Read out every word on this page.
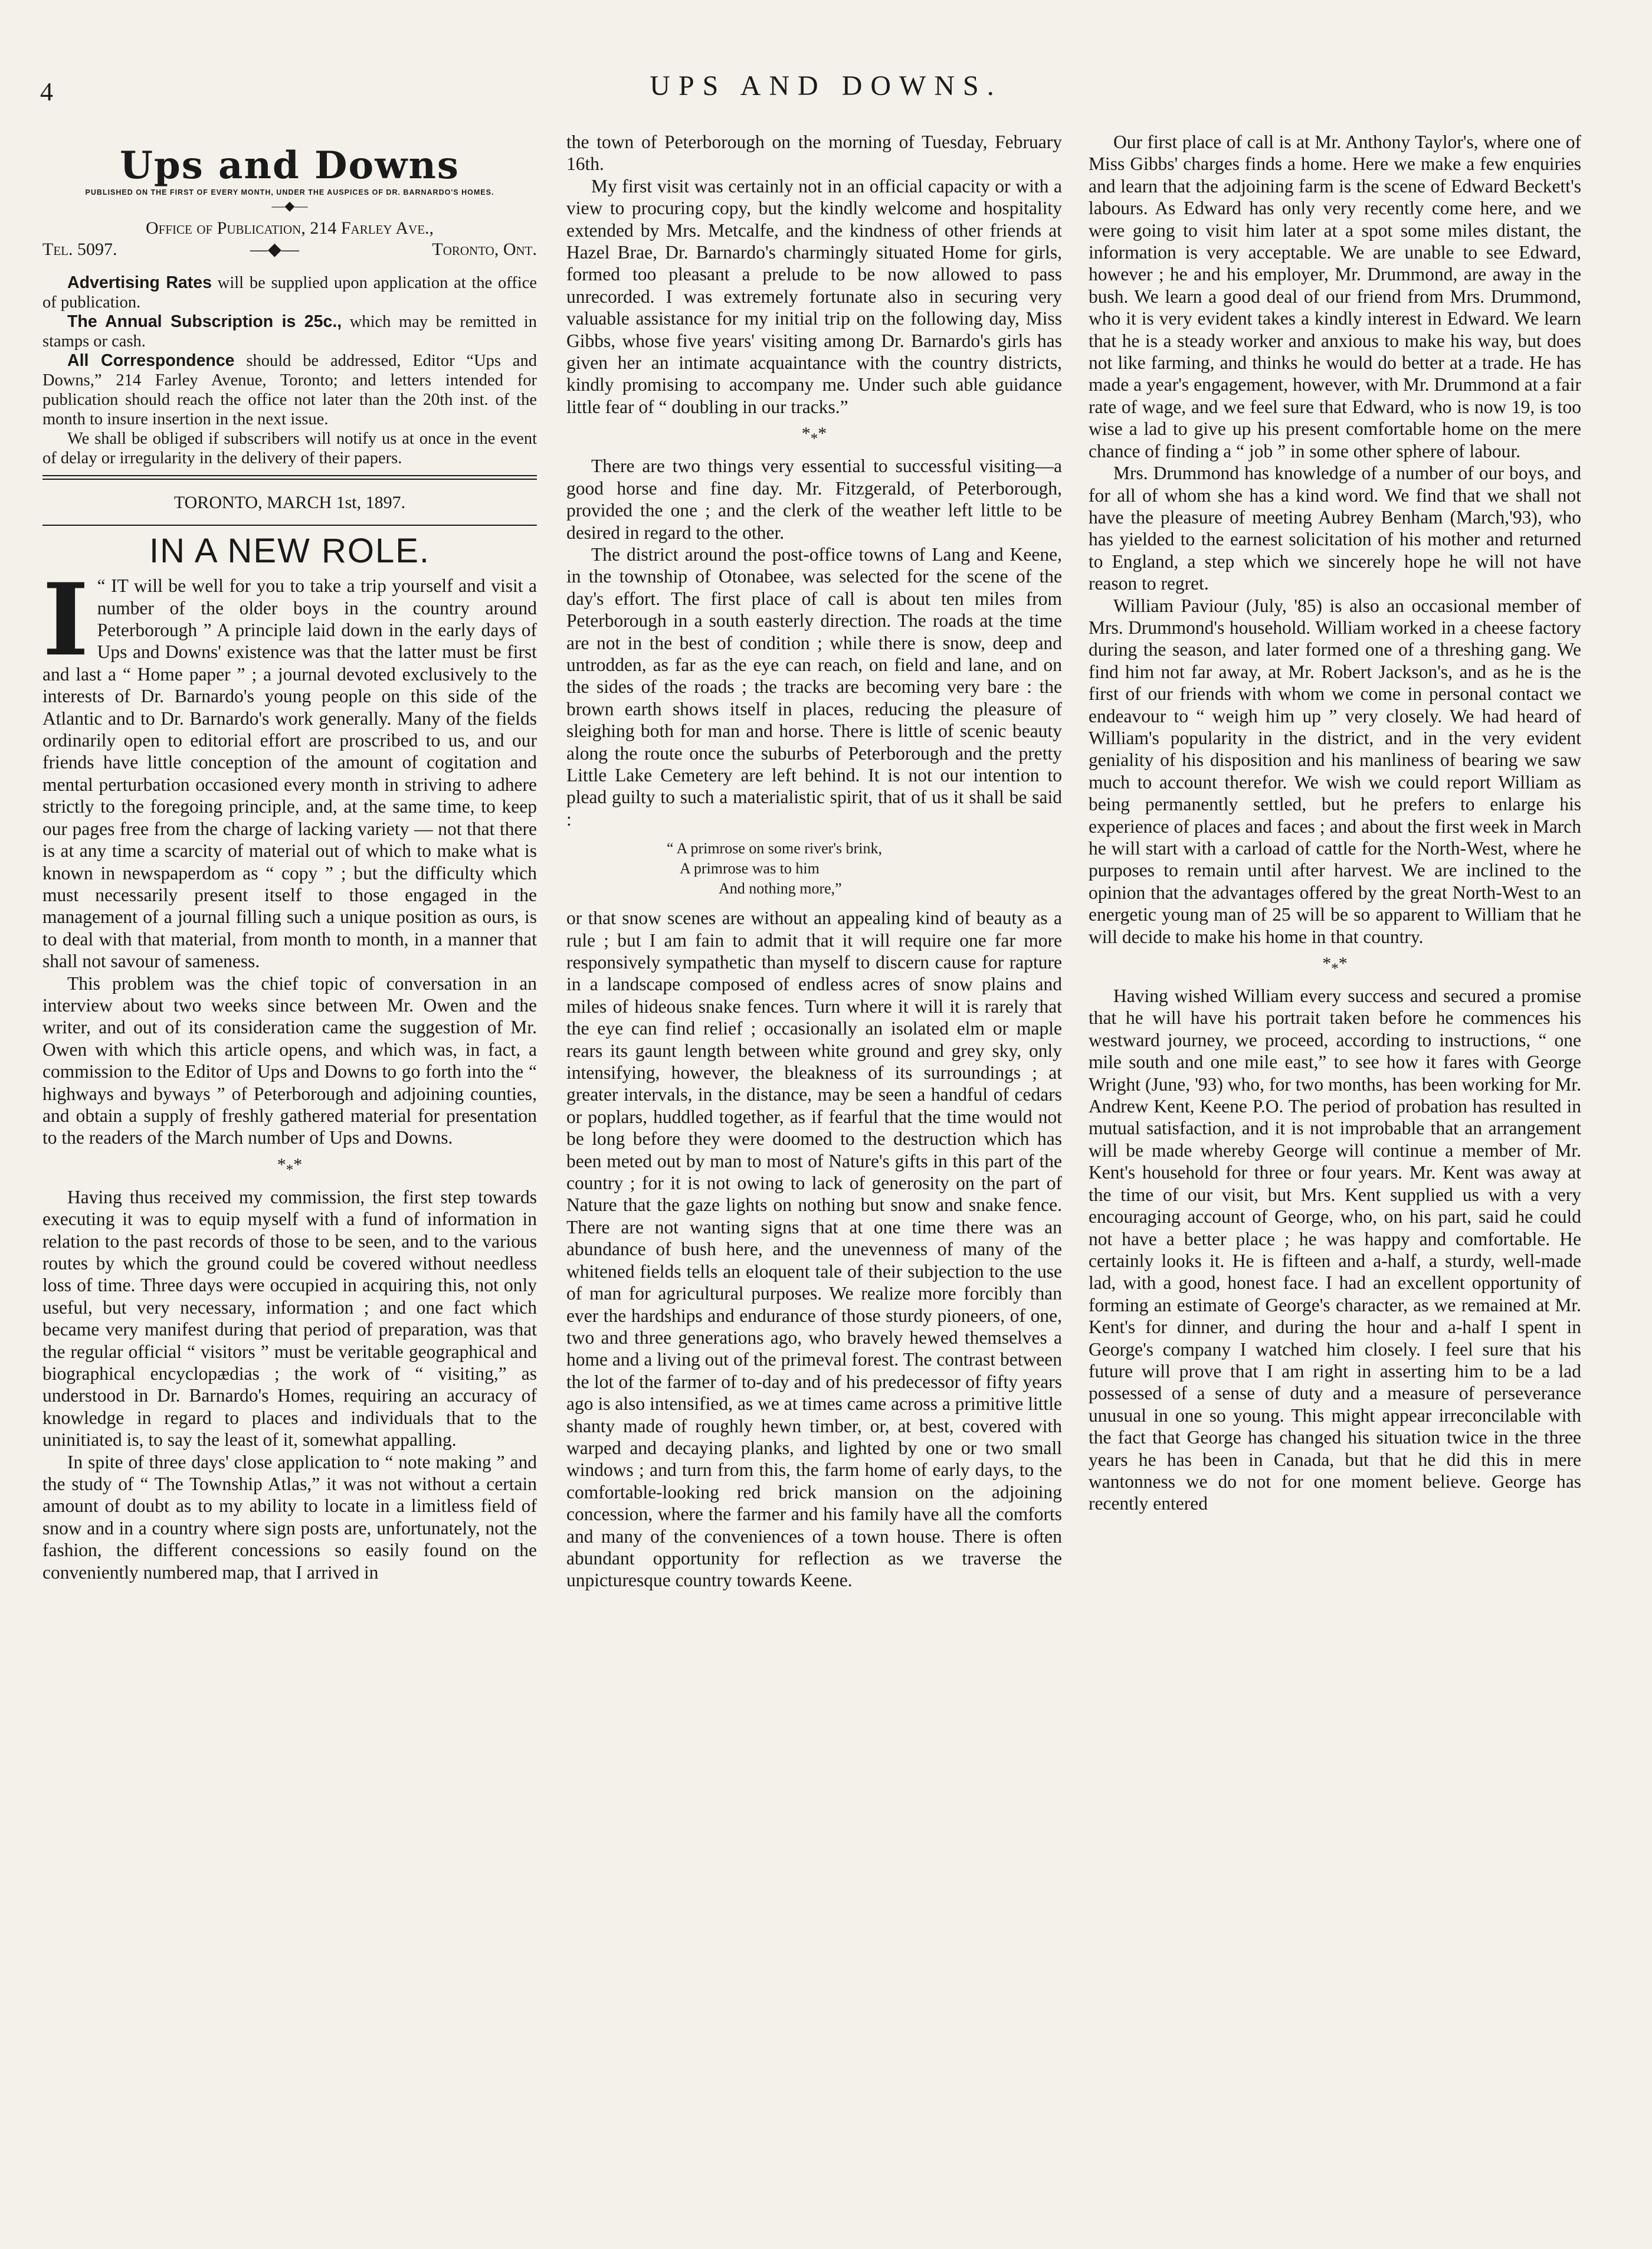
4	UPS AND DOWNS.
Ups and Downs
PUBLISHED ON THE FIRST OF EVERY MONTH, UNDER THE AUSPICES OF DR. BARNARDO'S HOMES.
—◆—
Office of Publication, 214 Farley Ave.,
Tel. 5097.	—◆—	Toronto, Ont.

Advertising Rates will be supplied upon application at the office of publication.

The Annual Subscription is 25c., which may be remitted in stamps or cash.

All Correspondence should be addressed, Editor “Ups and Downs,” 214 Farley Avenue, Toronto; and letters intended for publication should reach the office not later than the 20th inst. of the month to insure insertion in the next issue.

We shall be obliged if subscribers will notify us at once in the event of delay or irregularity in the delivery of their papers.

TORONTO, MARCH 1st, 1897.
IN A NEW ROLE.

I “ IT will be well for you to take a trip yourself and visit a number of the older boys in the country around Peterborough ” A principle laid down in the early days of Ups and Downs' existence was that the latter must be first and last a “ Home paper ” ; a journal devoted exclusively to the interests of Dr. Barnardo's young people on this side of the Atlantic and to Dr. Barnardo's work generally. Many of the fields ordinarily open to editorial effort are proscribed to us, and our friends have little conception of the amount of cogitation and mental perturbation occasioned every month in striving to adhere strictly to the foregoing principle, and, at the same time, to keep our pages free from the charge of lacking variety — not that there is at any time a scarcity of material out of which to make what is known in newspaperdom as “ copy ” ; but the difficulty which must necessarily present itself to those engaged in the management of a journal filling such a unique position as ours, is to deal with that material, from month to month, in a manner that shall not savour of sameness.

This problem was the chief topic of conversation in an interview about two weeks since between Mr. Owen and the writer, and out of its consideration came the suggestion of Mr. Owen with which this article opens, and which was, in fact, a commission to the Editor of Ups and Downs to go forth into the “ highways and byways ” of Peterborough and adjoining counties, and obtain a supply of freshly gathered material for presentation to the readers of the March number of Ups and Downs.

$*_**$

Having thus received my commission, the first step towards executing it was to equip myself with a fund of information in relation to the past records of those to be seen, and to the various routes by which the ground could be covered without needless loss of time. Three days were occupied in acquiring this, not only useful, but very necessary, information ; and one fact which became very manifest during that period of preparation, was that the regular official “ visitors ” must be veritable geographical and biographical encyclopædias ; the work of “ visiting,” as understood in Dr. Barnardo's Homes, requiring an accuracy of knowledge in regard to places and individuals that to the uninitiated is, to say the least of it, somewhat appalling.

In spite of three days' close application to “ note making ” and the study of “ The Township Atlas,” it was not without a certain amount of doubt as to my ability to locate in a limitless field of snow and in a country where sign posts are, unfortunately, not the fashion, the different concessions so easily found on the conveniently numbered map, that I arrived in

the town of Peterborough on the morning of Tuesday, February 16th.

My first visit was certainly not in an official capacity or with a view to procuring copy, but the kindly welcome and hospitality extended by Mrs. Metcalfe, and the kindness of other friends at Hazel Brae, Dr. Barnardo's charmingly situated Home for girls, formed too pleasant a prelude to be now allowed to pass unrecorded. I was extremely fortunate also in securing very valuable assistance for my initial trip on the following day, Miss Gibbs, whose five years' visiting among Dr. Barnardo's girls has given her an intimate acquaintance with the country districts, kindly promising to accompany me. Under such able guidance little fear of “ doubling in our tracks.”

$*_**$

There are two things very essential to successful visiting—a good horse and fine day. Mr. Fitzgerald, of Peterborough, provided the one ; and the clerk of the weather left little to be desired in regard to the other.

The district around the post-office towns of Lang and Keene, in the township of Otonabee, was selected for the scene of the day's effort. The first place of call is about ten miles from Peterborough in a south easterly direction. The roads at the time are not in the best of condition ; while there is snow, deep and untrodden, as far as the eye can reach, on field and lane, and on the sides of the roads ; the tracks are becoming very bare : the brown earth shows itself in places, reducing the pleasure of sleighing both for man and horse. There is little of scenic beauty along the route once the suburbs of Peterborough and the pretty Little Lake Cemetery are left behind. It is not our intention to plead guilty to such a materialistic spirit, that of us it shall be said :

“ A primrose on some river's brink,
A primrose was to him
And nothing more,”

or that snow scenes are without an appealing kind of beauty as a rule ; but I am fain to admit that it will require one far more responsively sympathetic than myself to discern cause for rapture in a landscape composed of endless acres of snow plains and miles of hideous snake fences. Turn where it will it is rarely that the eye can find relief ; occasionally an isolated elm or maple rears its gaunt length between white ground and grey sky, only intensifying, however, the bleakness of its surroundings ; at greater intervals, in the distance, may be seen a handful of cedars or poplars, huddled together, as if fearful that the time would not be long before they were doomed to the destruction which has been meted out by man to most of Nature's gifts in this part of the country ; for it is not owing to lack of generosity on the part of Nature that the gaze lights on nothing but snow and snake fence. There are not wanting signs that at one time there was an abundance of bush here, and the unevenness of many of the whitened fields tells an eloquent tale of their subjection to the use of man for agricultural purposes. We realize more forcibly than ever the hardships and endurance of those sturdy pioneers, of one, two and three generations ago, who bravely hewed themselves a home and a living out of the primeval forest. The contrast between the lot of the farmer of to-day and of his predecessor of fifty years ago is also intensified, as we at times came across a primitive little shanty made of roughly hewn timber, or, at best, covered with warped and decaying planks, and lighted by one or two small windows ; and turn from this, the farm home of early days, to the comfortable-looking red brick mansion on the adjoining concession, where the farmer and his family have all the comforts and many of the conveniences of a town house. There is often abundant opportunity for reflection as we traverse the unpicturesque country towards Keene.

Our first place of call is at Mr. Anthony Taylor's, where one of Miss Gibbs' charges finds a home. Here we make a few enquiries and learn that the adjoining farm is the scene of Edward Beckett's labours. As Edward has only very recently come here, and we were going to visit him later at a spot some miles distant, the information is very acceptable. We are unable to see Edward, however ; he and his employer, Mr. Drummond, are away in the bush. We learn a good deal of our friend from Mrs. Drummond, who it is very evident takes a kindly interest in Edward. We learn that he is a steady worker and anxious to make his way, but does not like farming, and thinks he would do better at a trade. He has made a year's engagement, however, with Mr. Drummond at a fair rate of wage, and we feel sure that Edward, who is now 19, is too wise a lad to give up his present comfortable home on the mere chance of finding a “ job ” in some other sphere of labour.

Mrs. Drummond has knowledge of a number of our boys, and for all of whom she has a kind word. We find that we shall not have the pleasure of meeting Aubrey Benham (March,'93), who has yielded to the earnest solicitation of his mother and returned to England, a step which we sincerely hope he will not have reason to regret.

William Paviour (July, '85) is also an occasional member of Mrs. Drummond's household. William worked in a cheese factory during the season, and later formed one of a threshing gang. We find him not far away, at Mr. Robert Jackson's, and as he is the first of our friends with whom we come in personal contact we endeavour to “ weigh him up ” very closely. We had heard of William's popularity in the district, and in the very evident geniality of his disposition and his manliness of bearing we saw much to account therefor. We wish we could report William as being permanently settled, but he prefers to enlarge his experience of places and faces ; and about the first week in March he will start with a carload of cattle for the North-West, where he purposes to remain until after harvest. We are inclined to the opinion that the advantages offered by the great North-West to an energetic young man of 25 will be so apparent to William that he will decide to make his home in that country.

$*_**$

Having wished William every success and secured a promise that he will have his portrait taken before he commences his westward journey, we proceed, according to instructions, “ one mile south and one mile east,” to see how it fares with George Wright (June, '93) who, for two months, has been working for Mr. Andrew Kent, Keene P.O. The period of probation has resulted in mutual satisfaction, and it is not improbable that an arrangement will be made whereby George will continue a member of Mr. Kent's household for three or four years. Mr. Kent was away at the time of our visit, but Mrs. Kent supplied us with a very encouraging account of George, who, on his part, said he could not have a better place ; he was happy and comfortable. He certainly looks it. He is fifteen and a-half, a sturdy, well-made lad, with a good, honest face. I had an excellent opportunity of forming an estimate of George's character, as we remained at Mr. Kent's for dinner, and during the hour and a-half I spent in George's company I watched him closely. I feel sure that his future will prove that I am right in asserting him to be a lad possessed of a sense of duty and a measure of perseverance unusual in one so young. This might appear irreconcilable with the fact that George has changed his situation twice in the three years he has been in Canada, but that he did this in mere wantonness we do not for one moment believe. George has recently entered
